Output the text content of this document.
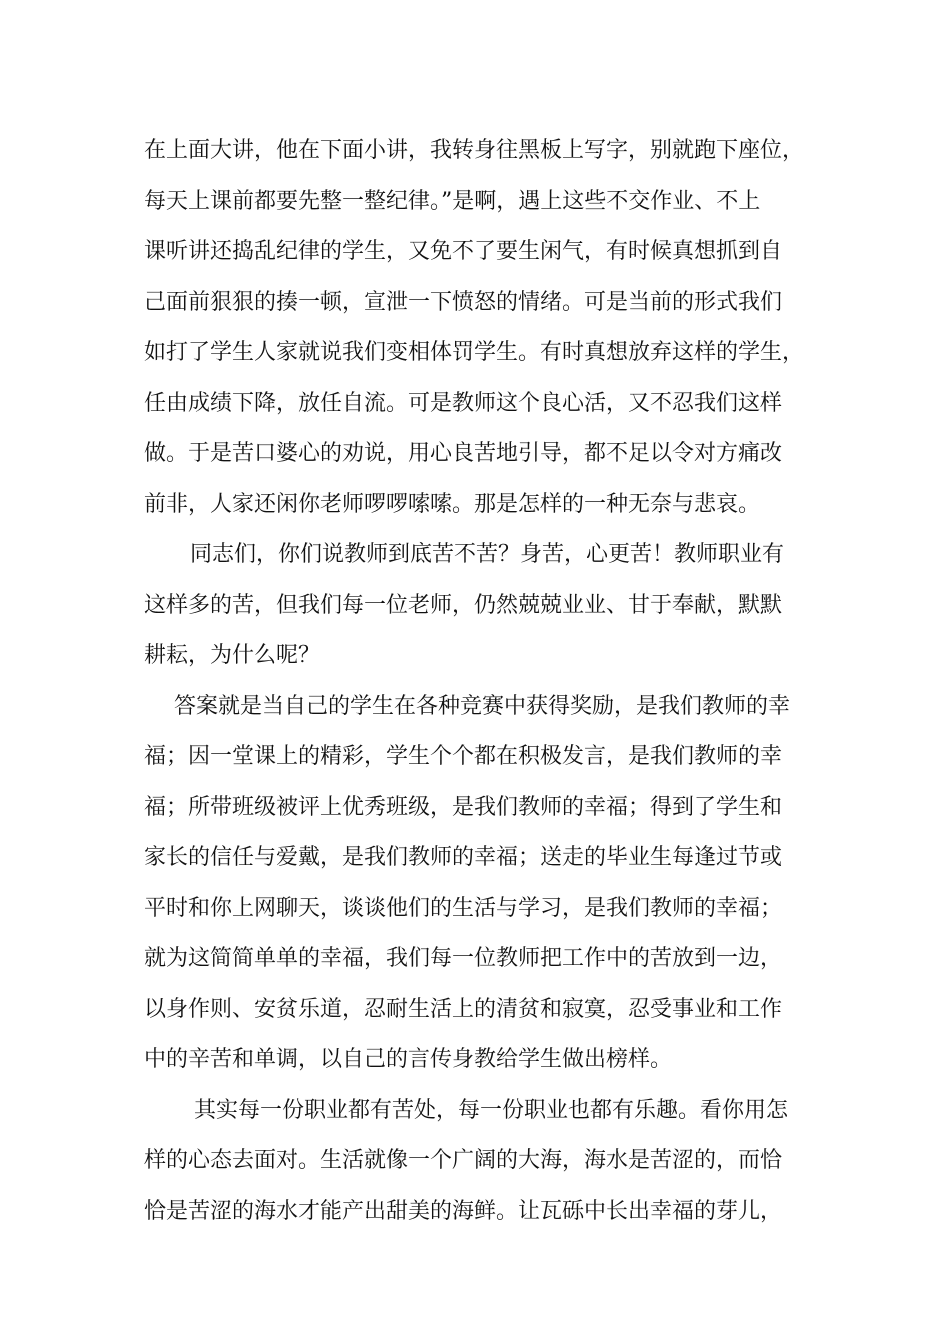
在上面大讲，他在下面小讲，我转身往黑板上写字，别就跑下座位，
每天上课前都要先整一整纪律。”是啊，遇上这些不交作业、不上
课听讲还捣乱纪律的学生，又免不了要生闲气，有时候真想抓到自
己面前狠狠的揍一顿，宣泄一下愤怒的情绪。可是当前的形式我们
如打了学生人家就说我们变相体罚学生。有时真想放弃这样的学生，
任由成绩下降，放任自流。可是教师这个良心活，又不忍我们这样
做。于是苦口婆心的劝说，用心良苦地引导，都不足以令对方痛改
前非，人家还闲你老师啰啰嗦嗦。那是怎样的一种无奈与悲哀。
同志们，你们说教师到底苦不苦？身苦，心更苦！教师职业有
这样多的苦，但我们每一位老师，仍然兢兢业业、甘于奉献，默默
耕耘，为什么呢？
答案就是当自己的学生在各种竞赛中获得奖励，是我们教师的幸
福；因一堂课上的精彩，学生个个都在积极发言，是我们教师的幸
福；所带班级被评上优秀班级，是我们教师的幸福；得到了学生和
家长的信任与爱戴，是我们教师的幸福；送走的毕业生每逢过节或
平时和你上网聊天，谈谈他们的生活与学习，是我们教师的幸福；
就为这简简单单的幸福，我们每一位教师把工作中的苦放到一边，
以身作则、安贫乐道，忍耐生活上的清贫和寂寞，忍受事业和工作
中的辛苦和单调，以自己的言传身教给学生做出榜样。
其实每一份职业都有苦处，每一份职业也都有乐趣。看你用怎
样的心态去面对。生活就像一个广阔的大海，海水是苦涩的，而恰
恰是苦涩的海水才能产出甜美的海鲜。让瓦砾中长出幸福的芽儿，
